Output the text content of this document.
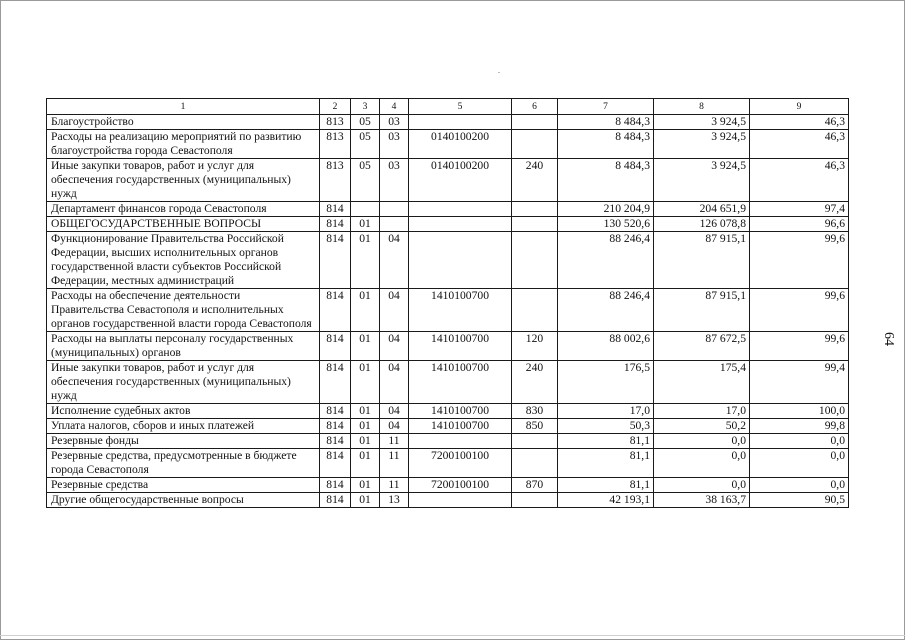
1	2	3	4	5	6	7	8	9
Благоустройство	813	05	03			8 484,3	3 924,5	46,3
Расходы на реализацию мероприятий по развитию благоустройства города Севастополя	813	05	03	0140100200		8 484,3	3 924,5	46,3
Иные закупки товаров, работ и услуг для обеспечения государственных (муниципальных) нужд	813	05	03	0140100200	240	8 484,3	3 924,5	46,3
Департамент финансов города Севастополя	814					210 204,9	204 651,9	97,4
ОБЩЕГОСУДАРСТВЕННЫЕ ВОПРОСЫ	814	01				130 520,6	126 078,8	96,6
Функционирование Правительства Российской Федерации, высших исполнительных органов государственной власти субъектов Российской Федерации, местных администраций	814	01	04			88 246,4	87 915,1	99,6
Расходы на обеспечение деятельности Правительства Севастополя и исполнительных органов государственной власти города Севастополя	814	01	04	1410100700		88 246,4	87 915,1	99,6
Расходы на выплаты персоналу государственных (муниципальных) органов	814	01	04	1410100700	120	88 002,6	87 672,5	99,6
Иные закупки товаров, работ и услуг для обеспечения государственных (муниципальных) нужд	814	01	04	1410100700	240	176,5	175,4	99,4
Исполнение судебных актов	814	01	04	1410100700	830	17,0	17,0	100,0
Уплата налогов, сборов и иных платежей	814	01	04	1410100700	850	50,3	50,2	99,8
Резервные фонды	814	01	11			81,1	0,0	0,0
Резервные средства, предусмотренные в бюджете города Севастополя	814	01	11	7200100100		81,1	0,0	0,0
Резервные средства	814	01	11	7200100100	870	81,1	0,0	0,0
Другие общегосударственные вопросы	814	01	13			42 193,1	38 163,7	90,5
64
